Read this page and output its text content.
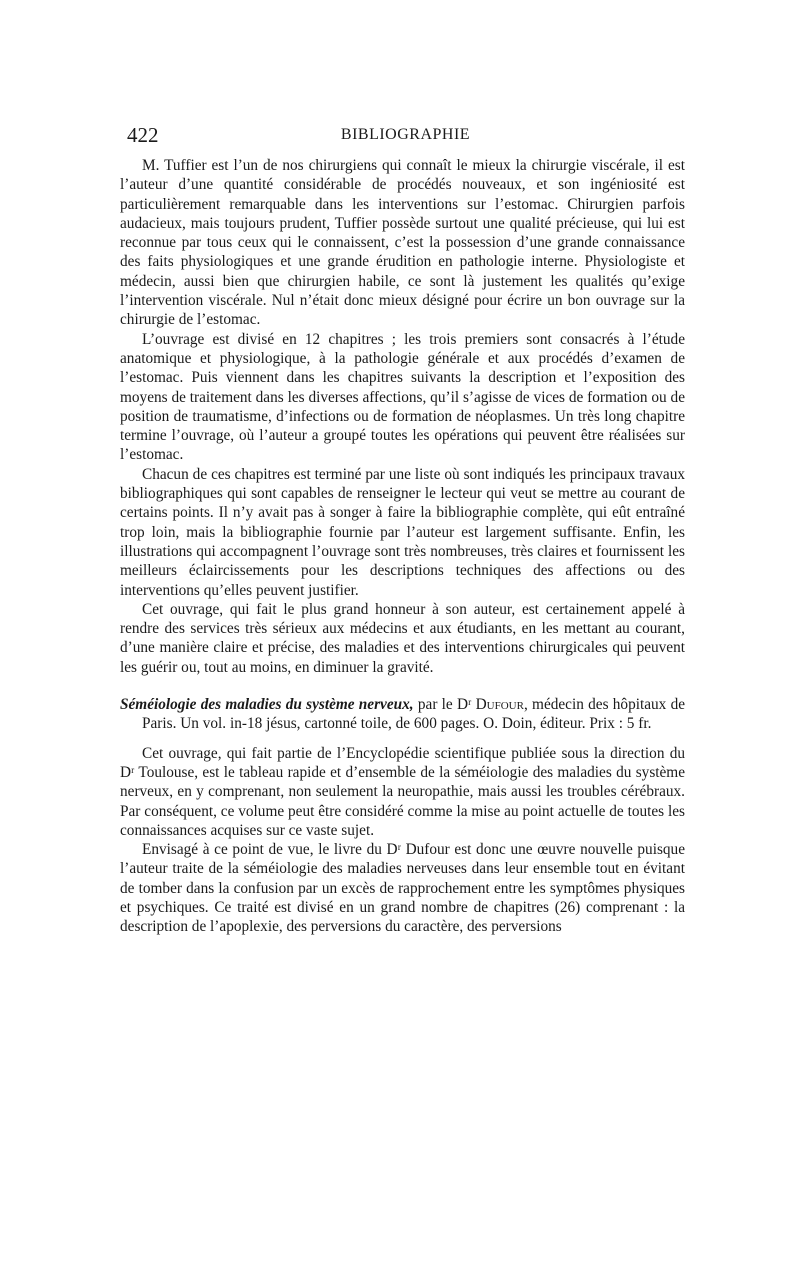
422	BIBLIOGRAPHIE

M. Tuffier est l’un de nos chirurgiens qui connaît le mieux la chirurgie viscérale, il est l’auteur d’une quantité considérable de procédés nouveaux, et son ingéniosité est particulièrement remarquable dans les interventions sur l’estomac. Chirurgien parfois audacieux, mais toujours prudent, Tuffier possède surtout une qualité précieuse, qui lui est reconnue par tous ceux qui le connaissent, c’est la possession d’une grande connaissance des faits physiologiques et une grande érudition en pathologie interne. Physiologiste et médecin, aussi bien que chirurgien habile, ce sont là justement les qualités qu’exige l’intervention viscérale. Nul n’était donc mieux désigné pour écrire un bon ouvrage sur la chirurgie de l’estomac.

L’ouvrage est divisé en 12 chapitres ; les trois premiers sont consacrés à l’étude anatomique et physiologique, à la pathologie générale et aux procédés d’examen de l’estomac. Puis viennent dans les chapitres suivants la description et l’exposition des moyens de traitement dans les diverses affections, qu’il s’agisse de vices de formation ou de position de traumatisme, d’infections ou de formation de néoplasmes. Un très long chapitre termine l’ouvrage, où l’auteur a groupé toutes les opérations qui peuvent être réalisées sur l’estomac.

Chacun de ces chapitres est terminé par une liste où sont indiqués les principaux travaux bibliographiques qui sont capables de renseigner le lecteur qui veut se mettre au courant de certains points. Il n’y avait pas à songer à faire la bibliographie complète, qui eût entraîné trop loin, mais la bibliographie fournie par l’auteur est largement suffisante. Enfin, les illustrations qui accompagnent l’ouvrage sont très nombreuses, très claires et fournissent les meilleurs éclaircissements pour les descriptions techniques des affections ou des interventions qu’elles peuvent justifier.

Cet ouvrage, qui fait le plus grand honneur à son auteur, est certainement appelé à rendre des services très sérieux aux médecins et aux étudiants, en les mettant au courant, d’une manière claire et précise, des maladies et des interventions chirurgicales qui peuvent les guérir ou, tout au moins, en diminuer la gravité.

Séméiologie des maladies du système nerveux, par le Dʳ Dufour, médecin des hôpitaux de Paris. Un vol. in-18 jésus, cartonné toile, de 600 pages. O. Doin, éditeur. Prix : 5 fr.

Cet ouvrage, qui fait partie de l’Encyclopédie scientifique publiée sous la direction du Dʳ Toulouse, est le tableau rapide et d’ensemble de la séméiologie des maladies du système nerveux, en y comprenant, non seulement la neuropathie, mais aussi les troubles cérébraux. Par conséquent, ce volume peut être considéré comme la mise au point actuelle de toutes les connaissances acquises sur ce vaste sujet.

Envisagé à ce point de vue, le livre du Dʳ Dufour est donc une œuvre nouvelle puisque l’auteur traite de la séméiologie des maladies nerveuses dans leur ensemble tout en évitant de tomber dans la confusion par un excès de rapprochement entre les symptômes physiques et psychiques. Ce traité est divisé en un grand nombre de chapitres (26) comprenant : la description de l’apoplexie, des perversions du caractère, des perversions
